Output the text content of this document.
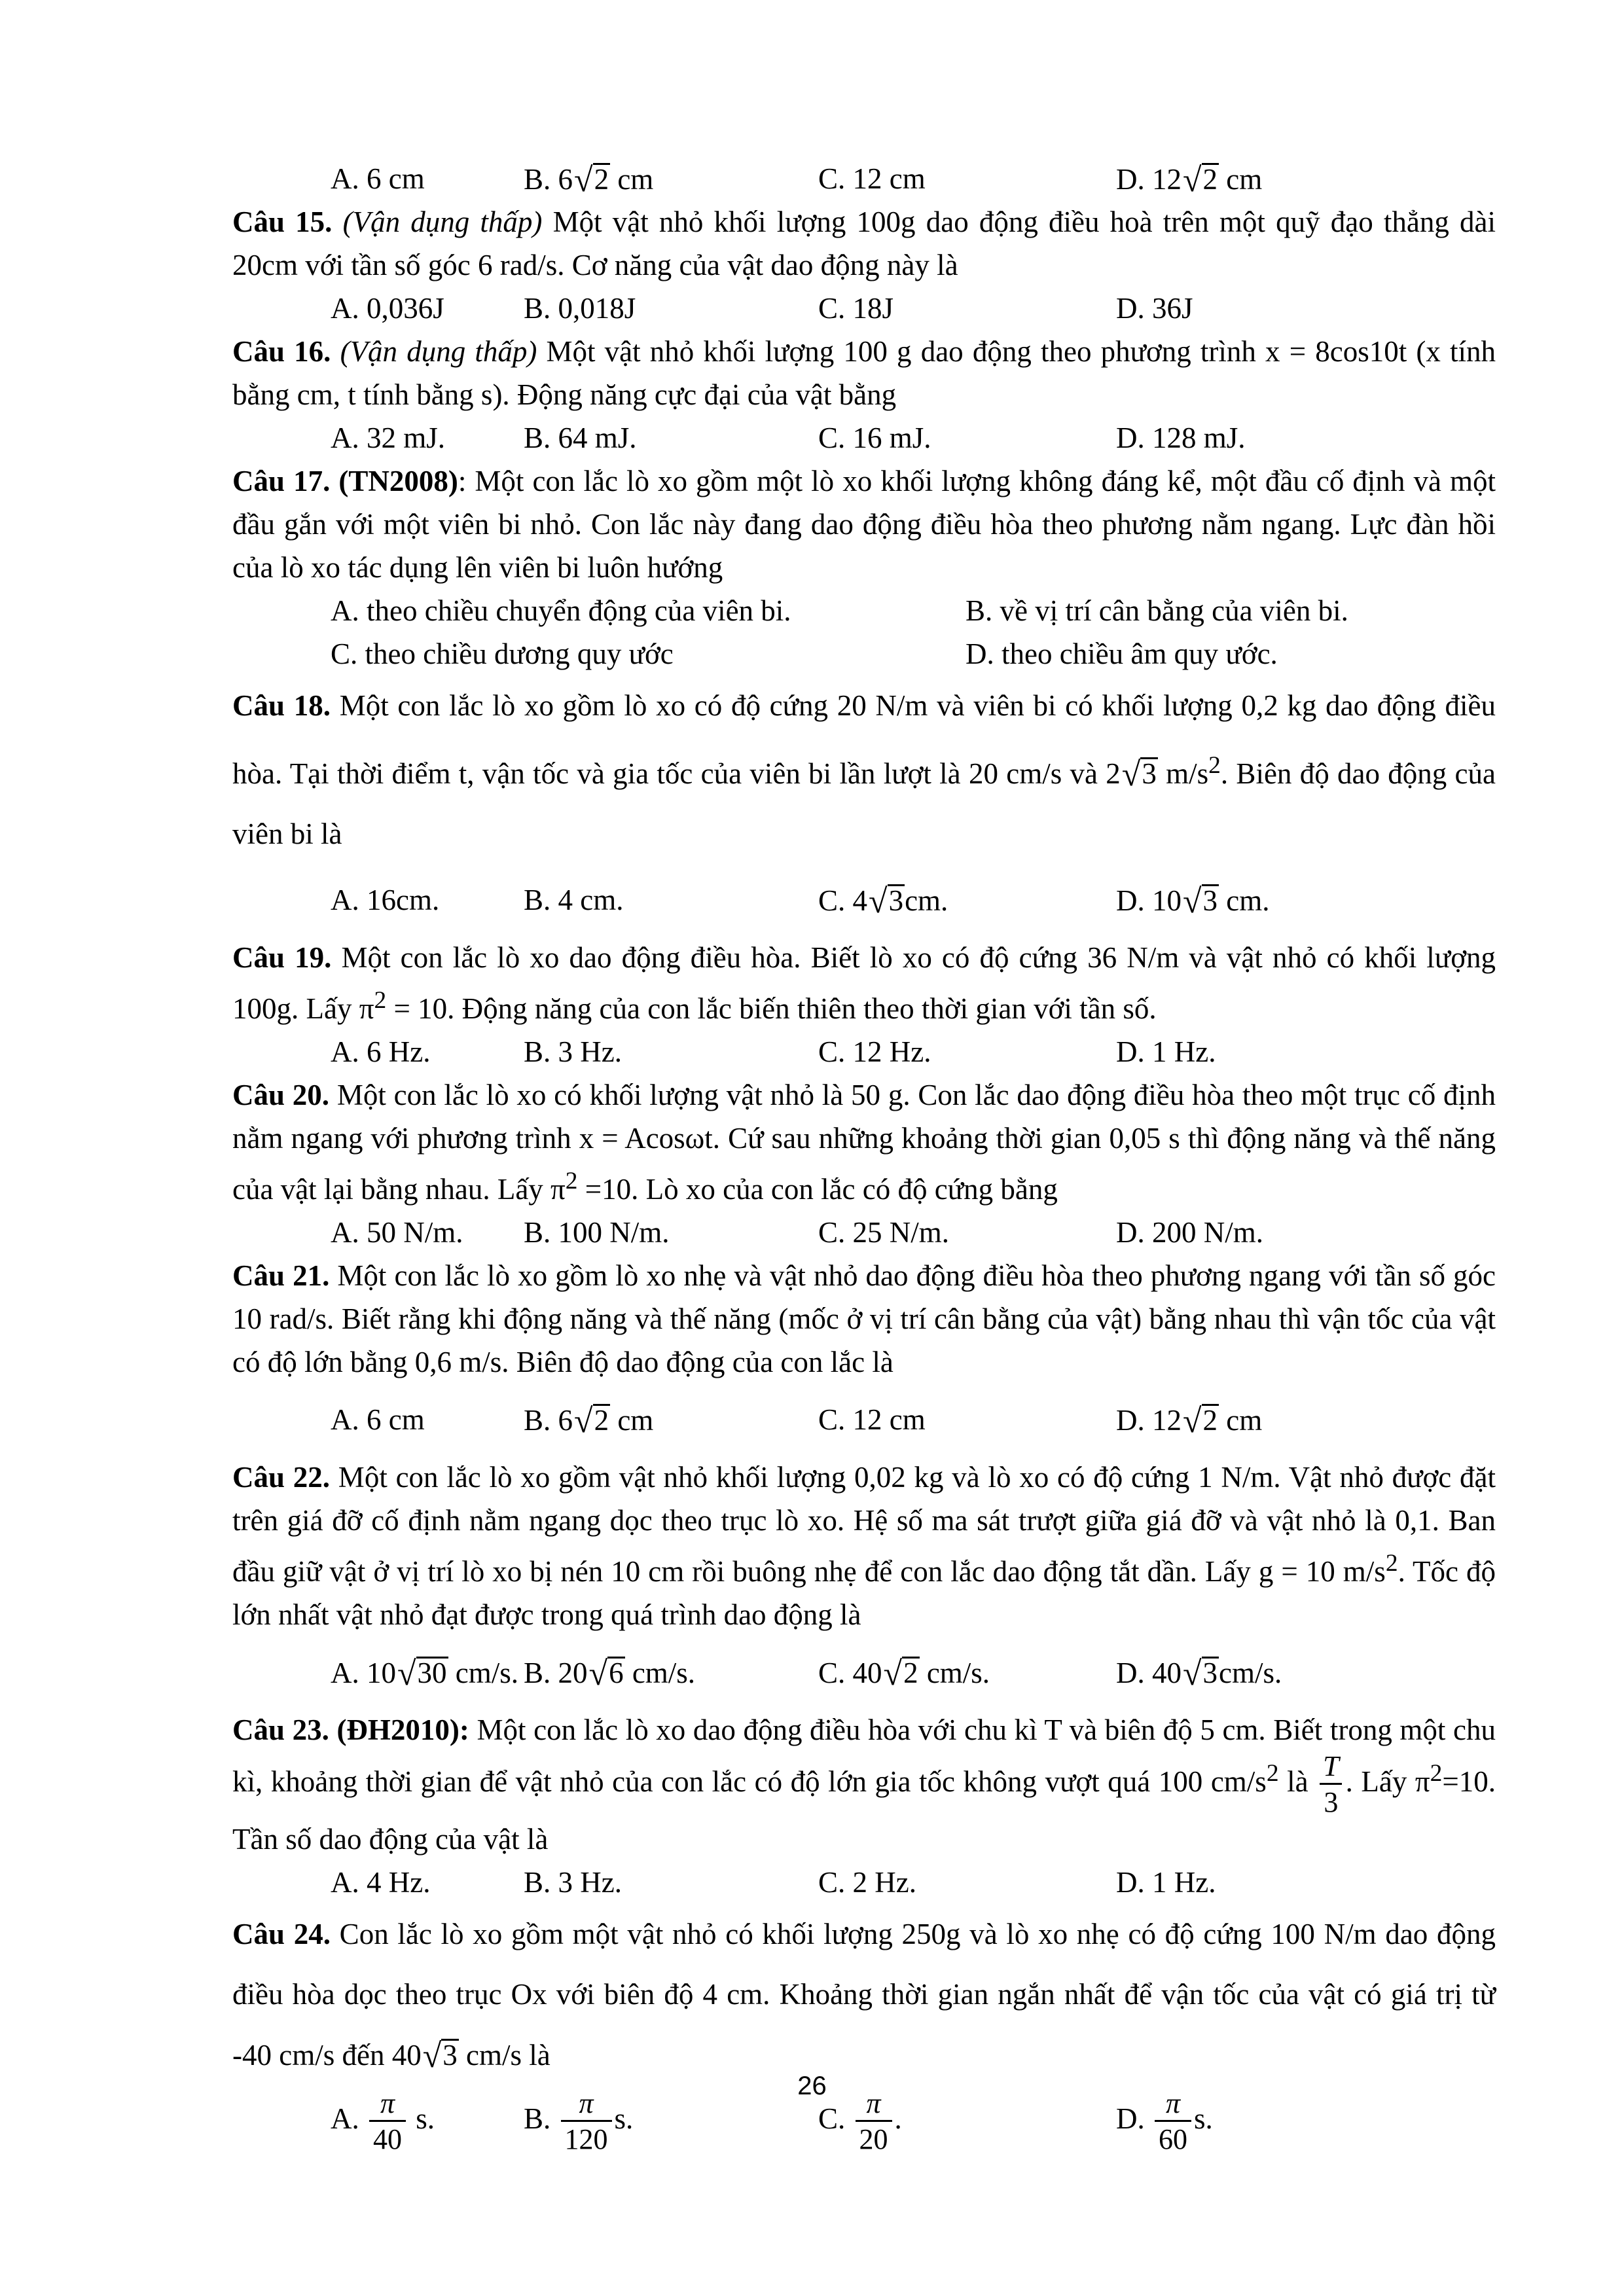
A. 6 cm	B. 6√2 cm	C. 12 cm	D. 12√2 cm

Câu 15. (Vận dụng thấp) Một vật nhỏ khối lượng 100g dao động điều hoà trên một quỹ đạo thẳng dài 20cm với tần số góc 6 rad/s. Cơ năng của vật dao động này là

A. 0,036J	B. 0,018J	C. 18J	D. 36J

Câu 16. (Vận dụng thấp) Một vật nhỏ khối lượng 100 g dao động theo phương trình x = 8cos10t (x tính bằng cm, t tính bằng s). Động năng cực đại của vật bằng

A. 32 mJ.	B. 64 mJ.	C. 16 mJ.	D. 128 mJ.

Câu 17. (TN2008): Một con lắc lò xo gồm một lò xo khối lượng không đáng kể, một đầu cố định và một đầu gắn với một viên bi nhỏ. Con lắc này đang dao động điều hòa theo phương nằm ngang. Lực đàn hồi của lò xo tác dụng lên viên bi luôn hướng

A. theo chiều chuyển động của viên bi.	B. về vị trí cân bằng của viên bi.
C. theo chiều dương quy ước	D. theo chiều âm quy ước.

Câu 18. Một con lắc lò xo gồm lò xo có độ cứng 20 N/m và viên bi có khối lượng 0,2 kg dao động điều hòa. Tại thời điểm t, vận tốc và gia tốc của viên bi lần lượt là 20 cm/s và 2√3 $m/s^2$. Biên độ dao động của viên bi là

A. 16cm.	B. 4 cm.	C. 4√3cm.	D. 10√3 cm.

Câu 19. Một con lắc lò xo dao động điều hòa. Biết lò xo có độ cứng 36 N/m và vật nhỏ có khối lượng 100g. Lấy $\pi^2 = 10$. Động năng của con lắc biến thiên theo thời gian với tần số.

A. 6 Hz.	B. 3 Hz.	C. 12 Hz.	D. 1 Hz.

Câu 20. Một con lắc lò xo có khối lượng vật nhỏ là 50 g. Con lắc dao động điều hòa theo một trục cố định nằm ngang với phương trình x = Acosωt. Cứ sau những khoảng thời gian 0,05 s thì động năng và thế năng của vật lại bằng nhau. Lấy $\pi^2 =10$. Lò xo của con lắc có độ cứng bằng

A. 50 N/m.	B. 100 N/m.	C. 25 N/m.	D. 200 N/m.

Câu 21. Một con lắc lò xo gồm lò xo nhẹ và vật nhỏ dao động điều hòa theo phương ngang với tần số góc 10 rad/s. Biết rằng khi động năng và thế năng (mốc ở vị trí cân bằng của vật) bằng nhau thì vận tốc của vật có độ lớn bằng 0,6 m/s. Biên độ dao động của con lắc là

A. 6 cm	B. 6√2 cm	C. 12 cm	D. 12√2 cm

Câu 22. Một con lắc lò xo gồm vật nhỏ khối lượng 0,02 kg và lò xo có độ cứng 1 N/m. Vật nhỏ được đặt trên giá đỡ cố định nằm ngang dọc theo trục lò xo. Hệ số ma sát trượt giữa giá đỡ và vật nhỏ là 0,1. Ban đầu giữ vật ở vị trí lò xo bị nén 10 cm rồi buông nhẹ để con lắc dao động tắt dần. Lấy g = 10 $m/s^2$. Tốc độ lớn nhất vật nhỏ đạt được trong quá trình dao động là

A. 10√30 cm/s. B. 20√6 cm/s.	C. 40√2 cm/s.	D. 40√3cm/s.

Câu 23. (ĐH2010): Một con lắc lò xo dao động điều hòa với chu kì T và biên độ 5 cm. Biết trong một chu kì, khoảng thời gian để vật nhỏ của con lắc có độ lớn gia tốc không vượt quá 100 $cm/s^2$ là $\frac{T}{3}$ . Lấy $\pi^2=10$. Tần số dao động của vật là

A. 4 Hz.	B. 3 Hz.	C. 2 Hz.	D. 1 Hz.

Câu 24. Con lắc lò xo gồm một vật nhỏ có khối lượng 250g và lò xo nhẹ có độ cứng 100 N/m dao động điều hòa dọc theo trục Ox với biên độ 4 cm. Khoảng thời gian ngắn nhất để vận tốc của vật có giá trị từ -40 cm/s đến 40√3 cm/s là

A. $\frac{\pi}{40} s$.	B. $\frac{\pi}{120} s$.	C. $\frac{\pi}{20}$ .	D. $\frac{\pi}{60} s$.
26
